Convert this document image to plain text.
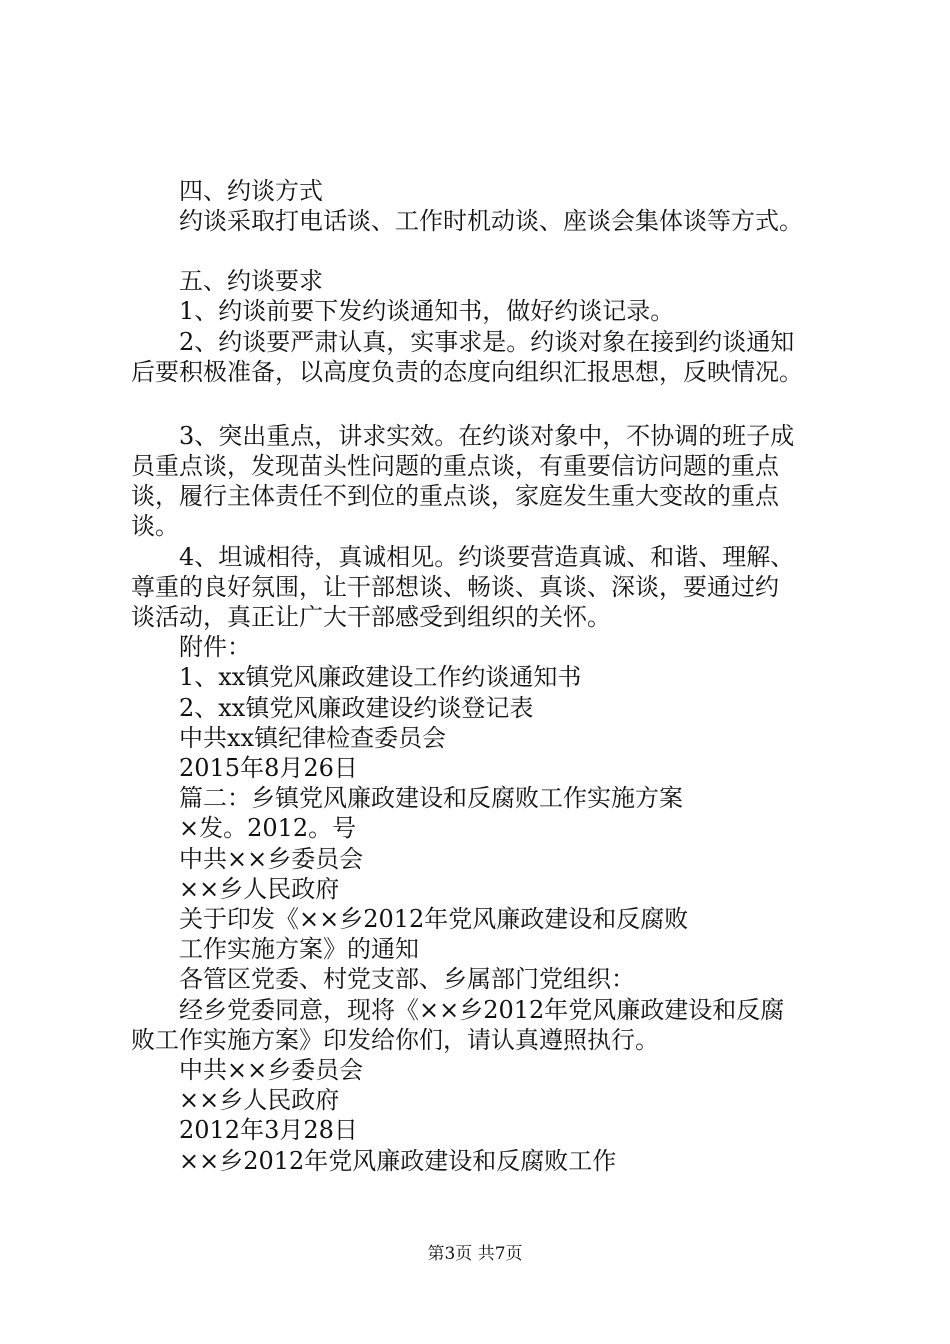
四、约谈方式
约谈采取打电话谈、工作时机动谈、座谈会集体谈等方式。
五、约谈要求
1、约谈前要下发约谈通知书，做好约谈记录。
2、约谈要严肃认真，实事求是。约谈对象在接到约谈通知
后要积极准备，以高度负责的态度向组织汇报思想，反映情况。
3、突出重点，讲求实效。在约谈对象中，不协调的班子成
员重点谈，发现苗头性问题的重点谈，有重要信访问题的重点
谈，履行主体责任不到位的重点谈，家庭发生重大变故的重点
谈。
4、坦诚相待，真诚相见。约谈要营造真诚、和谐、理解、
尊重的良好氛围，让干部想谈、畅谈、真谈、深谈，要通过约
谈活动，真正让广大干部感受到组织的关怀。
附件：
1、xx镇党风廉政建设工作约谈通知书
2、xx镇党风廉政建设约谈登记表
中共xx镇纪律检查委员会
2015年8月26日
篇二：乡镇党风廉政建设和反腐败工作实施方案
×发。2012。号
中共××乡委员会
××乡人民政府
关于印发《××乡2012年党风廉政建设和反腐败
工作实施方案》的通知
各管区党委、村党支部、乡属部门党组织：
经乡党委同意，现将《××乡2012年党风廉政建设和反腐
败工作实施方案》印发给你们，请认真遵照执行。
中共××乡委员会
××乡人民政府
2012年3月28日
××乡2012年党风廉政建设和反腐败工作
第3页 共7页
